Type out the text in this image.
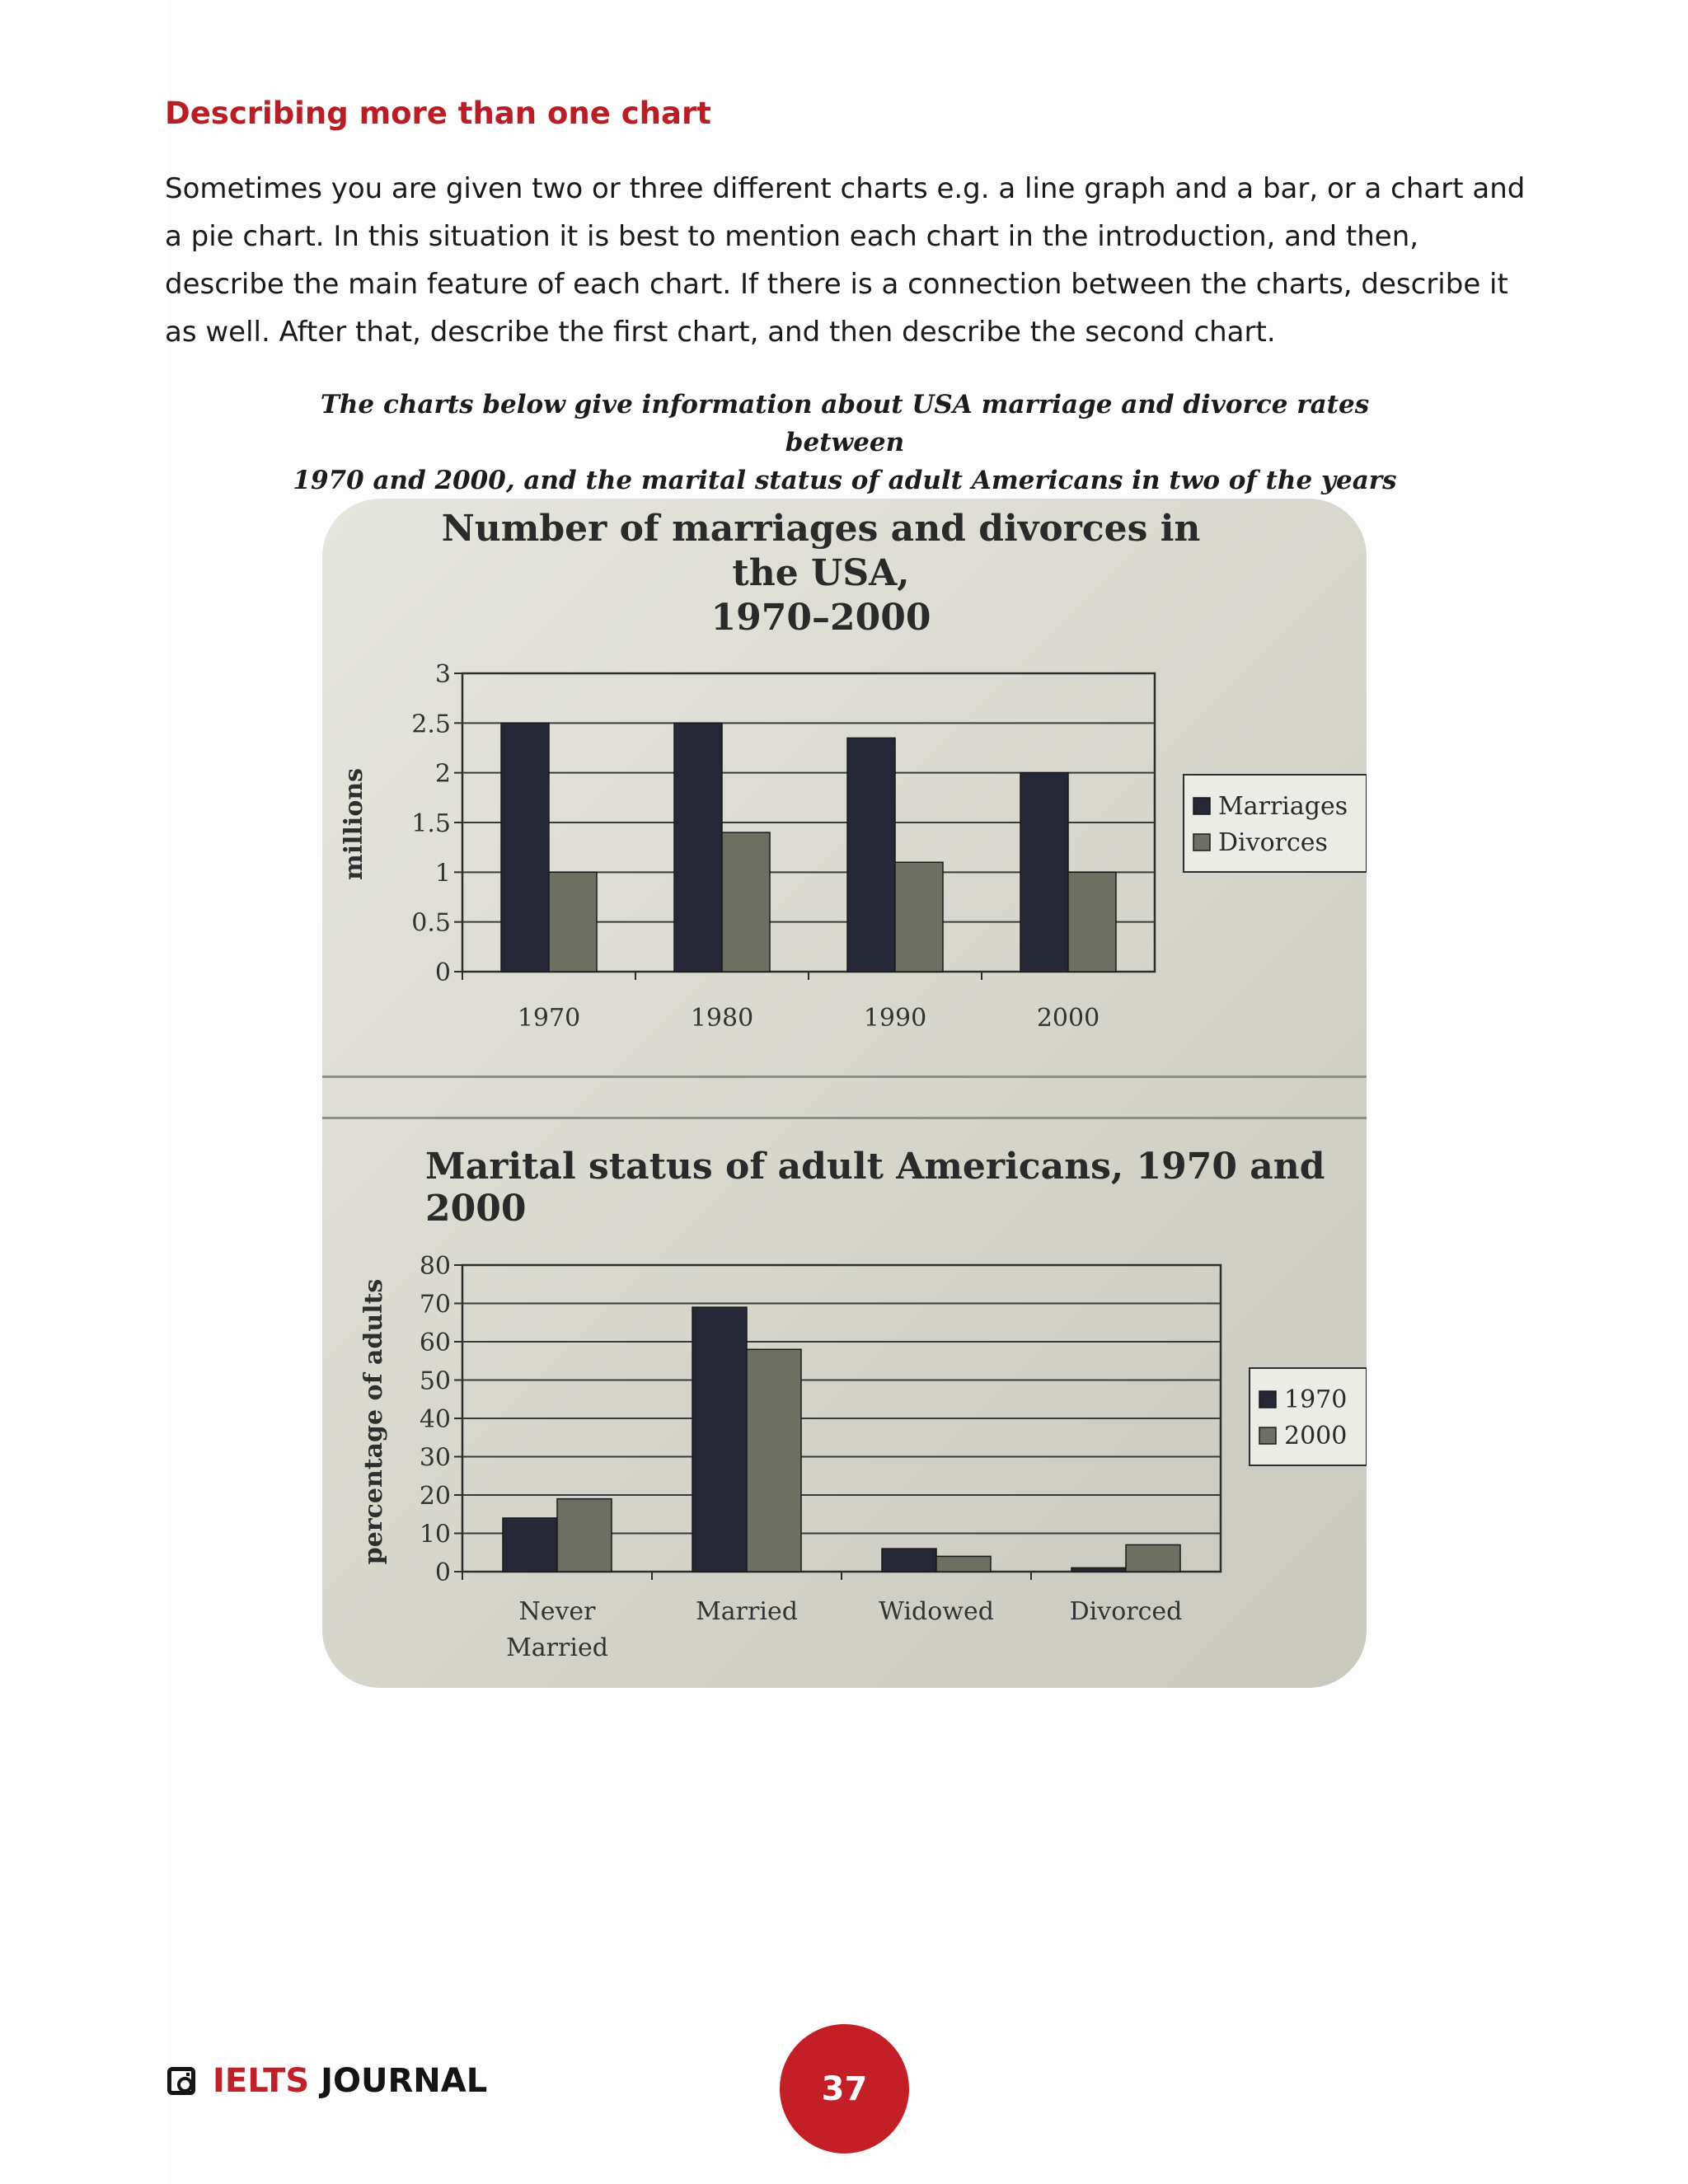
Describing more than one chart
Sometimes you are given two or three different charts e.g. a line graph and a bar, or a chart and a pie chart. In this situation it is best to mention each chart in the introduction, and then, describe the main feature of each chart. If there is a connection between the charts, describe it as well. After that, describe the first chart, and then describe the second chart.
The charts below give information about USA marriage and divorce rates between
1970 and 2000, and the marital status of adult Americans in two of the years
Number of marriages and divorces in the USA,
1970–2000
0
0.5
1
1.5
2
2.5
3
millions
1970	1980	1990	2000
Marriages
Divorces
Marital status of adult Americans, 1970 and 2000
0
10
20
30
40
50
60
70
80
percentage of adults
Never
Married
Married	Widowed	Divorced
1970
2000
IELTS JOURNAL	37
